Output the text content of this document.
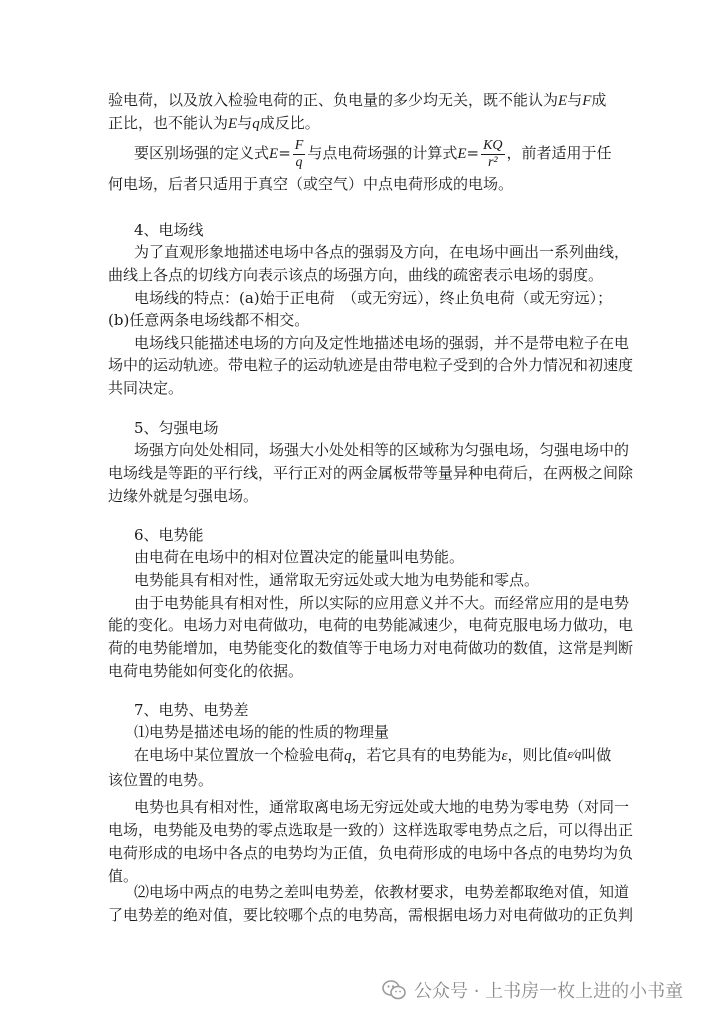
验电荷，以及放入检验电荷的正、负电量的多少均无关，既不能认为E与F成
正比，也不能认为E与q成反比。
要区别场强的定义式$E= \frac{F}{q}$ 与点电荷场强的计算式$E= \frac{KQ}{\text{r²}}$ ，前者适用于任
何电场，后者只适用于真空（或空气）中点电荷形成的电场。
4、电场线
为了直观形象地描述电场中各点的强弱及方向，在电场中画出一系列曲线，
曲线上各点的切线方向表示该点的场强方向，曲线的疏密表示电场的弱度。
电场线的特点：(a)始于正电荷　（或无穷远），终止负电荷（或无穷远）；
(b)任意两条电场线都不相交。
电场线只能描述电场的方向及定性地描述电场的强弱，并不是带电粒子在电
场中的运动轨迹。带电粒子的运动轨迹是由带电粒子受到的合外力情况和初速度
共同决定。
5、匀强电场
场强方向处处相同，场强大小处处相等的区域称为匀强电场，匀强电场中的
电场线是等距的平行线，平行正对的两金属板带等量异种电荷后，在两极之间除
边缘外就是匀强电场。
6、电势能
由电荷在电场中的相对位置决定的能量叫电势能。
电势能具有相对性，通常取无穷远处或大地为电势能和零点。
由于电势能具有相对性，所以实际的应用意义并不大。而经常应用的是电势
能的变化。电场力对电荷做功，电荷的电势能减速少，电荷克服电场力做功，电
荷的电势能增加，电势能变化的数值等于电场力对电荷做功的数值，这常是判断
电荷电势能如何变化的依据。
7、电势、电势差
⑴电势是描述电场的能的性质的物理量
在电场中某位置放一个检验电荷q，若它具有的电势能为ε，则比值ε⁄q叫做
该位置的电势。
电势也具有相对性，通常取离电场无穷远处或大地的电势为零电势（对同一
电场，电势能及电势的零点选取是一致的）这样选取零电势点之后，可以得出正
电荷形成的电场中各点的电势均为正值，负电荷形成的电场中各点的电势均为负
值。
⑵电场中两点的电势之差叫电势差，依教材要求，电势差都取绝对值，知道
了电势差的绝对值，要比较哪个点的电势高，需根据电场力对电荷做功的正负判
公众号 · 上书房一枚上进的小书童
